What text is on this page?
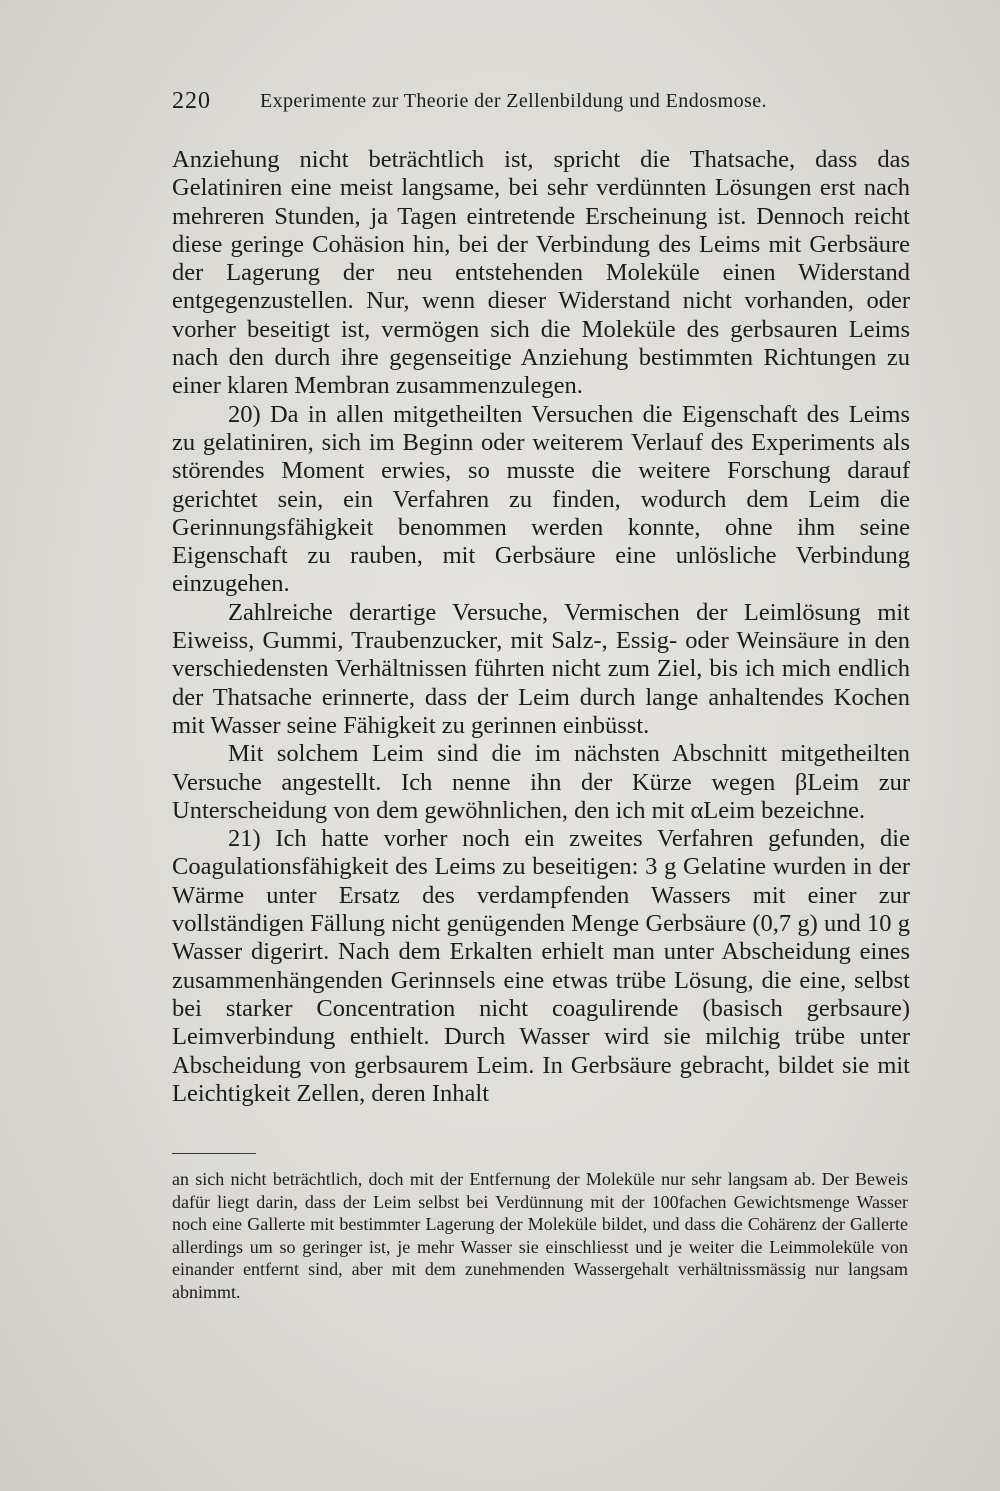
220 Experimente zur Theorie der Zellenbildung und Endosmose.

Anziehung nicht beträchtlich ist, spricht die Thatsache, dass das Gelatiniren eine meist langsame, bei sehr verdünnten Lösungen erst nach mehreren Stunden, ja Tagen eintretende Erscheinung ist. Dennoch reicht diese geringe Cohäsion hin, bei der Verbindung des Leims mit Gerbsäure der Lagerung der neu entstehenden Moleküle einen Widerstand entgegenzustellen. Nur, wenn dieser Widerstand nicht vorhanden, oder vorher beseitigt ist, vermögen sich die Moleküle des gerbsauren Leims nach den durch ihre gegenseitige Anziehung bestimmten Richtungen zu einer klaren Membran zusammenzulegen.

20) Da in allen mitgetheilten Versuchen die Eigenschaft des Leims zu gelatiniren, sich im Beginn oder weiterem Verlauf des Experiments als störendes Moment erwies, so musste die weitere Forschung darauf gerichtet sein, ein Verfahren zu finden, wodurch dem Leim die Gerinnungsfähigkeit benommen werden konnte, ohne ihm seine Eigenschaft zu rauben, mit Gerbsäure eine unlösliche Verbindung einzugehen.

Zahlreiche derartige Versuche, Vermischen der Leimlösung mit Eiweiss, Gummi, Traubenzucker, mit Salz-, Essig- oder Weinsäure in den verschiedensten Verhältnissen führten nicht zum Ziel, bis ich mich endlich der Thatsache erinnerte, dass der Leim durch lange anhaltendes Kochen mit Wasser seine Fähigkeit zu gerinnen einbüsst.

Mit solchem Leim sind die im nächsten Abschnitt mitgetheilten Versuche angestellt. Ich nenne ihn der Kürze wegen βLeim zur Unterscheidung von dem gewöhnlichen, den ich mit αLeim bezeichne.

21) Ich hatte vorher noch ein zweites Verfahren gefunden, die Coagulationsfähigkeit des Leims zu beseitigen: 3 g Gelatine wurden in der Wärme unter Ersatz des verdampfenden Wassers mit einer zur vollständigen Fällung nicht genügenden Menge Gerbsäure (0,7 g) und 10 g Wasser digerirt. Nach dem Erkalten erhielt man unter Abscheidung eines zusammenhängenden Gerinnsels eine etwas trübe Lösung, die eine, selbst bei starker Concentration nicht coagulirende (basisch gerbsaure) Leimverbindung enthielt. Durch Wasser wird sie milchig trübe unter Abscheidung von gerbsaurem Leim. In Gerbsäure gebracht, bildet sie mit Leichtigkeit Zellen, deren Inhalt

an sich nicht beträchtlich, doch mit der Entfernung der Moleküle nur sehr langsam ab. Der Beweis dafür liegt darin, dass der Leim selbst bei Verdünnung mit der 100fachen Gewichtsmenge Wasser noch eine Gallerte mit bestimmter Lagerung der Moleküle bildet, und dass die Cohärenz der Gallerte allerdings um so geringer ist, je mehr Wasser sie einschliesst und je weiter die Leimmoleküle von einander entfernt sind, aber mit dem zunehmenden Wassergehalt verhältnissmässig nur langsam abnimmt.
